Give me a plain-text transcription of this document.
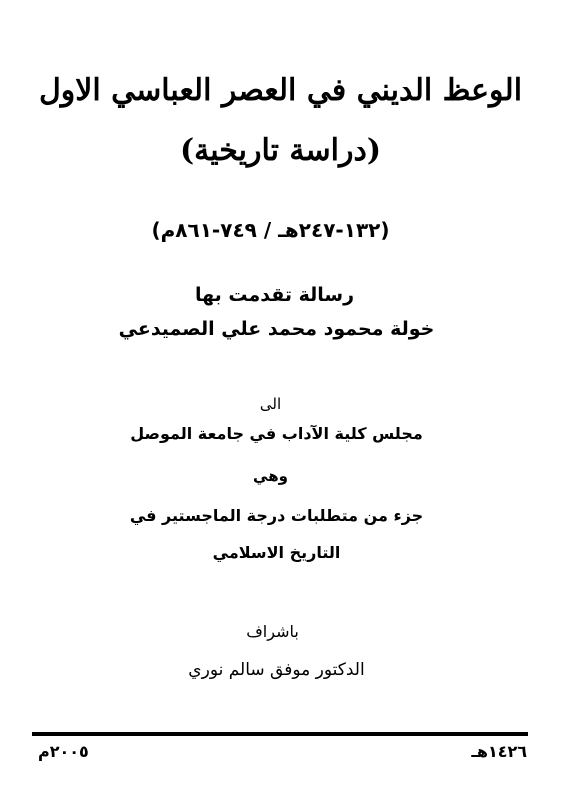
الوعظ الديني في العصر العباسي الاول
(دراسة تاريخية)
(١٣٢-٢٤٧هـ / ٧٤٩-٨٦١م)
رسالة تقدمت بها
خولة محمود محمد علي الصميدعي
الى
مجلس كلية الآداب في جامعة الموصل
وهي
جزء من متطلبات درجة الماجستير في
التاريخ الاسلامي
باشراف
الدكتور موفق سالم نوري
١٤٢٦هـ
٢٠٠٥م
